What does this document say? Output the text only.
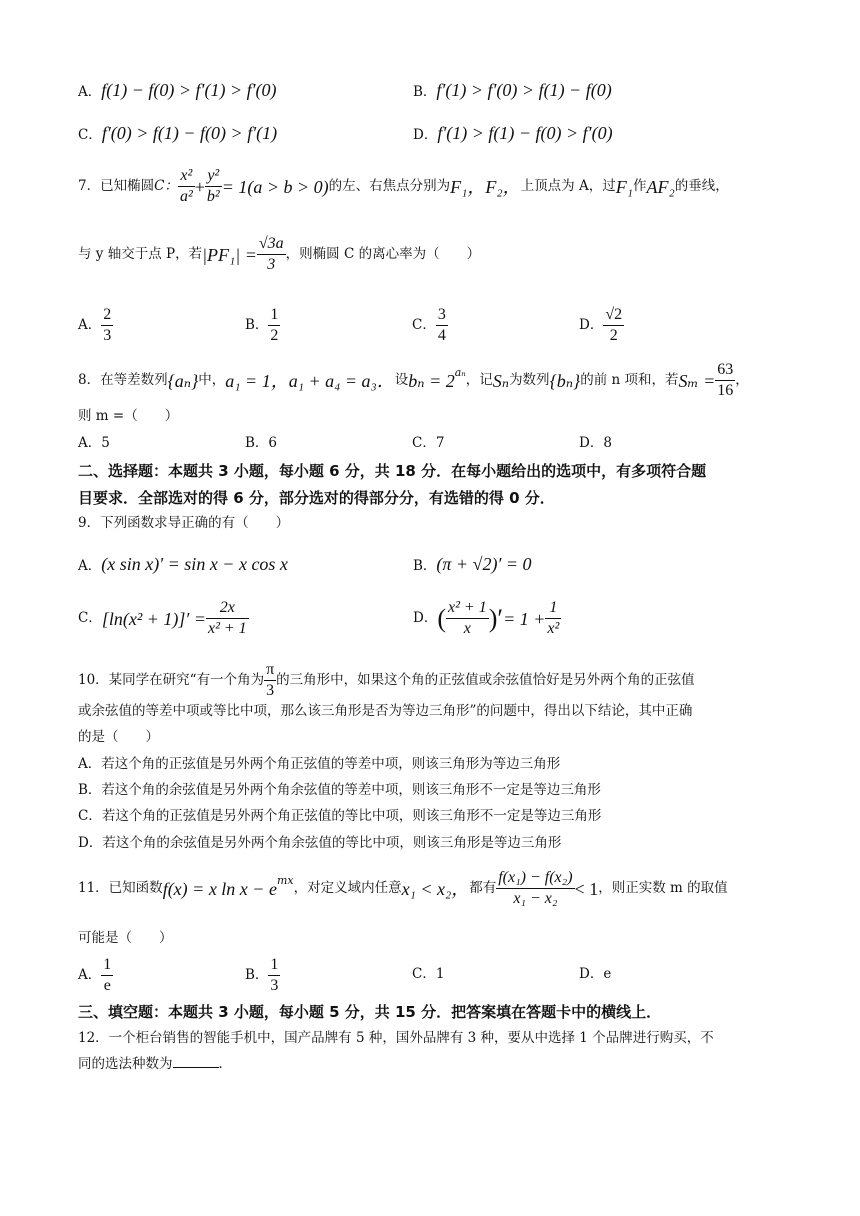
A．f(1) − f(0) > f′(1) > f′(0)	B．f′(1) > f′(0) > f(1) − f(0)
C．f′(0) > f(1) − f(0) > f′(1)	D．f′(1) > f(1) − f(0) > f′(0)
7．已知椭圆 C： $\frac{\text{x²}}{\text{a²}} + \frac{\text{y²}}{\text{b²}} = 1(a > b > 0)$ 的左、右焦点分别为 F₁， F₂， 上顶点为 A，过 F₁ 作 AF₂ 的垂线，
与 y 轴交于点 P，若 $|PF_1| = \frac{√3a}{3}$ ，则椭圆 C 的离心率为（　　）
A． $\frac{2}{3}$	B． $\frac{1}{2}$	C． $\frac{3}{4}$	D． $\frac{√2}{2}$
8．在等差数列 {aₙ} 中， a₁ = 1， a₁ + a₄ = a₃． 设 $b_n = 2^{a_n}$ ，记 Sₙ 为数列 {bₙ} 的前 n 项和，若 $S_m = \frac{63}{16}$ ，
则 m =（　　）
A．5	B．6	C．7	D．8
二、选择题：本题共 3 小题，每小题 6 分，共 18 分．在每小题给出的选项中，有多项符合题
目要求．全部选对的得 6 分，部分选对的得部分分，有选错的得 0 分．
9．下列函数求导正确的有（　　）
A．(x sin x)′ = sin x − x cos x	B．(π + √2)′ = 0
C． $[\ln(x^2 + 1)]' = \frac{2x}{\text{x² + 1}}$	D． ( $\frac{\text{x² + 1}}{x}$ )′ = $1 + \frac{1}{\text{x²}}$
10．某同学在研究“有一个角为 $\frac{\pi}{3}$ 的三角形中，如果这个角的正弦值或余弦值恰好是另外两个角的正弦值
或余弦值的等差中项或等比中项，那么该三角形是否为等边三角形”的问题中，得出以下结论，其中正确
的是（　　）
A．若这个角的正弦值是另外两个角正弦值的等差中项，则该三角形为等边三角形
B．若这个角的余弦值是另外两个角余弦值的等差中项，则该三角形不一定是等边三角形
C．若这个角的正弦值是另外两个角正弦值的等比中项，则该三角形不一定是等边三角形
D．若这个角的余弦值是另外两个角余弦值的等比中项，则该三角形是等边三角形
11．已知函数 f(x) = x $\ln x - e^{mx}$ ，对定义域内任意 x₁ < x₂， 都有 $\frac{\text{f(x₁) − f(x₂)}}{\text{x₁ − x₂}} < 1$ ，则正实数 m 的取值
可能是（　　）
A． $\frac{1}{e}$	B． $\frac{1}{3}$	C．1	D．e
三、填空题：本题共 3 小题，每小题 5 分，共 15 分．把答案填在答题卡中的横线上．
12．一个柜台销售的智能手机中，国产品牌有 5 种，国外品牌有 3 种，要从中选择 1 个品牌进行购买，不
同的选法种数为	．
